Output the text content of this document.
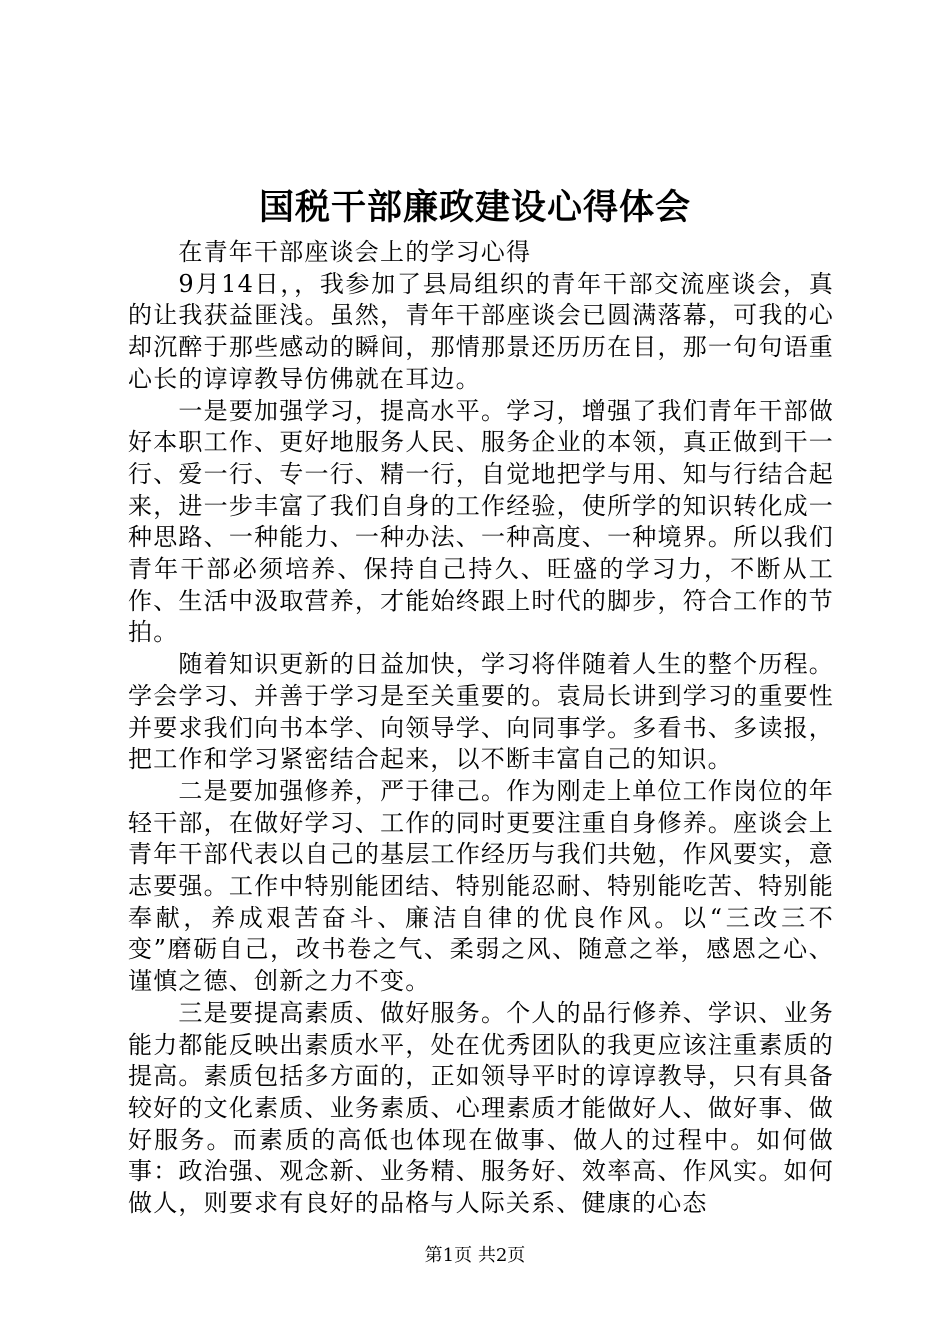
国税干部廉政建设心得体会

在青年干部座谈会上的学习心得

9月14日，，我参加了县局组织的青年干部交流座谈会，真的让我获益匪浅。虽然，青年干部座谈会已圆满落幕，可我的心却沉醉于那些感动的瞬间，那情那景还历历在目，那一句句语重心长的谆谆教导仿佛就在耳边。

一是要加强学习，提高水平。学习，增强了我们青年干部做好本职工作、更好地服务人民、服务企业的本领，真正做到干一行、爱一行、专一行、精一行，自觉地把学与用、知与行结合起来，进一步丰富了我们自身的工作经验，使所学的知识转化成一种思路、一种能力、一种办法、一种高度、一种境界。所以我们青年干部必须培养、保持自己持久、旺盛的学习力，不断从工作、生活中汲取营养，才能始终跟上时代的脚步，符合工作的节拍。

随着知识更新的日益加快，学习将伴随着人生的整个历程。学会学习、并善于学习是至关重要的。袁局长讲到学习的重要性并要求我们向书本学、向领导学、向同事学。多看书、多读报，把工作和学习紧密结合起来，以不断丰富自己的知识。

二是要加强修养，严于律己。作为刚走上单位工作岗位的年轻干部，在做好学习、工作的同时更要注重自身修养。座谈会上青年干部代表以自己的基层工作经历与我们共勉，作风要实，意志要强。工作中特别能团结、特别能忍耐、特别能吃苦、特别能奉献，养成艰苦奋斗、廉洁自律的优良作风。以“三改三不变”磨砺自己，改书卷之气、柔弱之风、随意之举，感恩之心、谨慎之德、创新之力不变。

三是要提高素质、做好服务。个人的品行修养、学识、业务能力都能反映出素质水平，处在优秀团队的我更应该注重素质的提高。素质包括多方面的，正如领导平时的谆谆教导，只有具备较好的文化素质、业务素质、心理素质才能做好人、做好事、做好服务。而素质的高低也体现在做事、做人的过程中。如何做事：政治强、观念新、业务精、服务好、效率高、作风实。如何做人，则要求有良好的品格与人际关系、健康的心态

第1页 共2页
